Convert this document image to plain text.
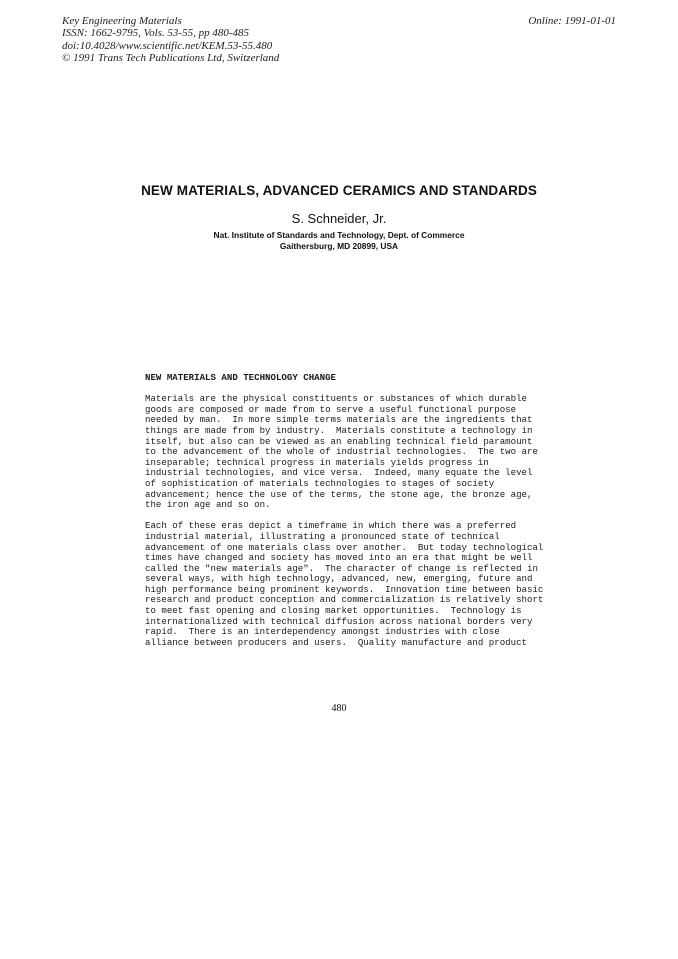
Key Engineering Materials
ISSN: 1662-9795, Vols. 53-55, pp 480-485
doi:10.4028/www.scientific.net/KEM.53-55.480
© 1991 Trans Tech Publications Ltd, Switzerland
Online: 1991-01-01
NEW MATERIALS, ADVANCED CERAMICS AND STANDARDS
S. Schneider, Jr.
Nat. Institute of Standards and Technology, Dept. of Commerce
Gaithersburg, MD 20899, USA
NEW MATERIALS AND TECHNOLOGY CHANGE
Materials are the physical constituents or substances of which durable
goods are composed or made from to serve a useful functional purpose
needed by man.  In more simple terms materials are the ingredients that
things are made from by industry.  Materials constitute a technology in
itself, but also can be viewed as an enabling technical field paramount
to the advancement of the whole of industrial technologies.  The two are
inseparable; technical progress in materials yields progress in
industrial technologies, and vice versa.  Indeed, many equate the level
of sophistication of materials technologies to stages of society
advancement; hence the use of the terms, the stone age, the bronze age,
the iron age and so on.
Each of these eras depict a timeframe in which there was a preferred
industrial material, illustrating a pronounced state of technical
advancement of one materials class over another.  But today technological
times have changed and society has moved into an era that might be well
called the "new materials age".  The character of change is reflected in
several ways, with high technology, advanced, new, emerging, future and
high performance being prominent keywords.  Innovation time between basic
research and product conception and commercialization is relatively short
to meet fast opening and closing market opportunities.  Technology is
internationalized with technical diffusion across national borders very
rapid.  There is an interdependency amongst industries with close
alliance between producers and users.  Quality manufacture and product
480
